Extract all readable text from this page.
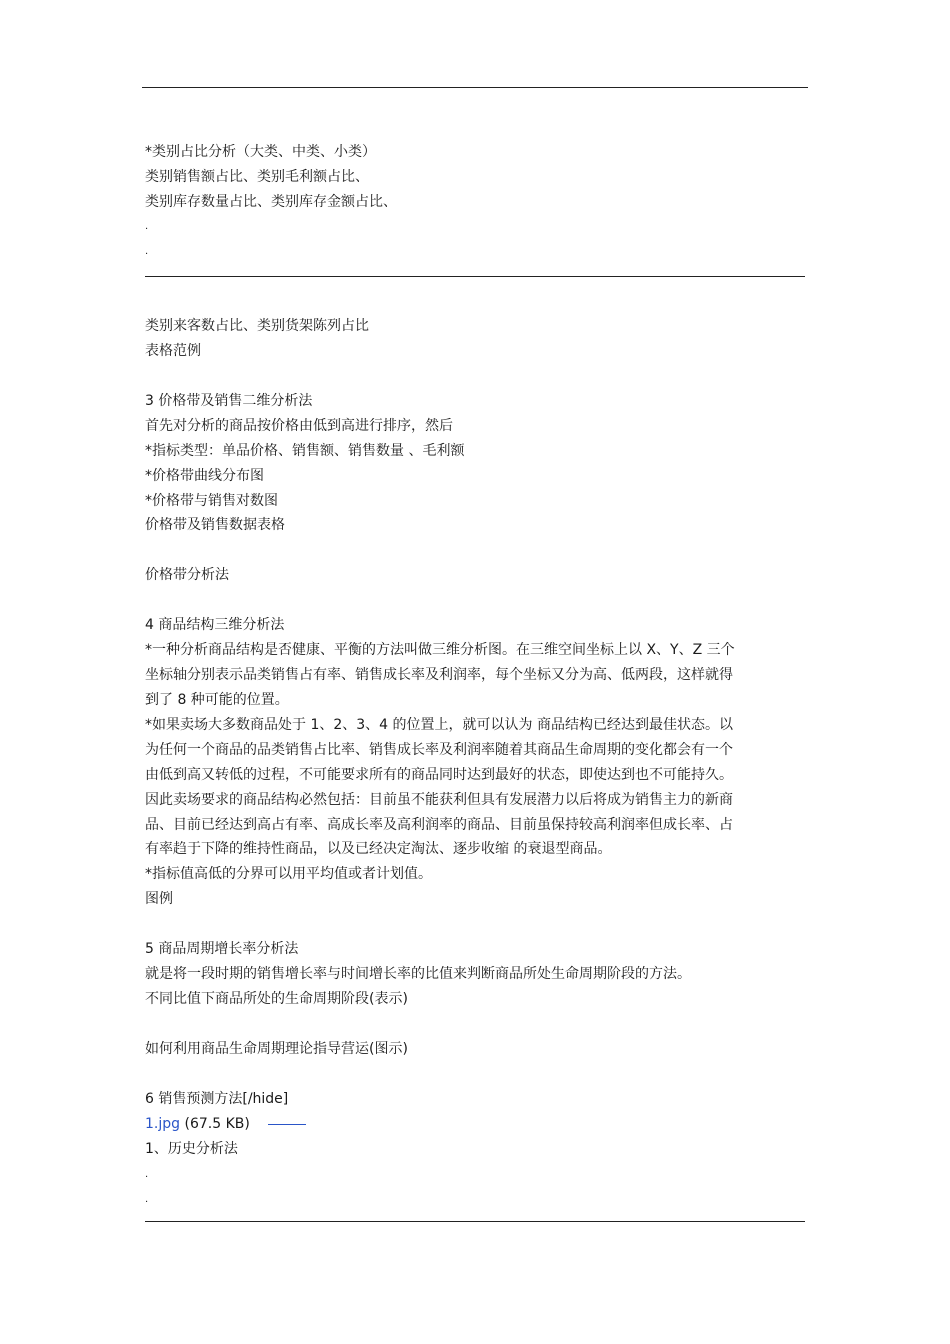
*类别占比分析（大类、中类、小类）
类别销售额占比、类别毛利额占比、
类别库存数量占比、类别库存金额占比、
.
.
类别来客数占比、类别货架陈列占比
表格范例
3 价格带及销售二维分析法
首先对分析的商品按价格由低到高进行排序，然后
*指标类型：单品价格、销售额、销售数量 、毛利额
*价格带曲线分布图
*价格带与销售对数图
价格带及销售数据表格
价格带分析法
4 商品结构三维分析法
*一种分析商品结构是否健康、平衡的方法叫做三维分析图。在三维空间坐标上以 X、Y、Z 三个
坐标轴分别表示品类销售占有率、销售成长率及利润率，每个坐标又分为高、低两段，这样就得
到了 8 种可能的位置。
*如果卖场大多数商品处于 1、2、3、4 的位置上，就可以认为 商品结构已经达到最佳状态。以
为任何一个商品的品类销售占比率、销售成长率及利润率随着其商品生命周期的变化都会有一个
由低到高又转低的过程，不可能要求所有的商品同时达到最好的状态，即使达到也不可能持久。
因此卖场要求的商品结构必然包括：目前虽不能获利但具有发展潜力以后将成为销售主力的新商
品、目前已经达到高占有率、高成长率及高利润率的商品、目前虽保持较高利润率但成长率、占
有率趋于下降的维持性商品，以及已经决定淘汰、逐步收缩 的衰退型商品。
*指标值高低的分界可以用平均值或者计划值。
图例
5 商品周期增长率分析法
就是将一段时期的销售增长率与时间增长率的比值来判断商品所处生命周期阶段的方法。
不同比值下商品所处的生命周期阶段(表示)
如何利用商品生命周期理论指导营运(图示)
6 销售预测方法[/hide]
1.jpg (67.5 KB)
1、历史分析法
.
.
